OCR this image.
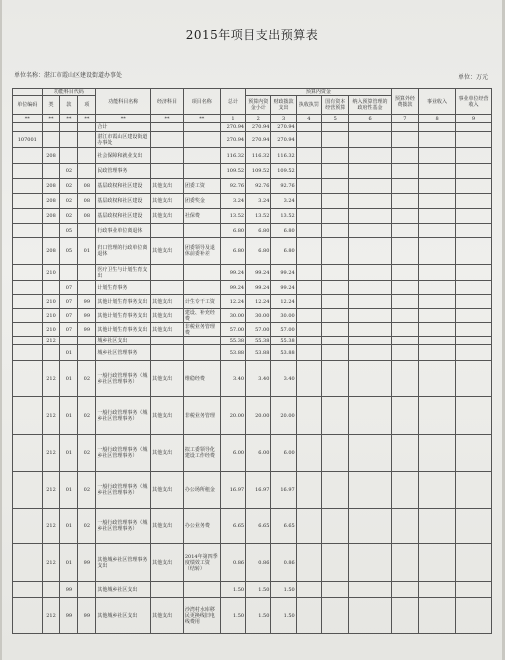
2015年项目支出预算表
单位名称：湛江市霞山区建设街道办事处	单位：万元
	功能科目代码			功能科目名称	经济科目	项目名称	总计	预算内资金					预算外经费拨款	事业收入	事业单位经营收入
单位编码	类	款	项					预算内资金小计	财政拨款支出	执收执罚	国有资本经营预算	纳入预算管理的政府性基金			
**	**	**	**	**	**	**	1	2	3	4	5	6	7	8	9
				合计			270.94	270.94	270.94						
107001				湛江市霞山区建设街道办事处			270.94	270.94	270.94						
	208			社会保障和就业支出			116.32	116.32	116.32						
		02		民政管理事务			109.52	109.52	109.52						
	208	02	08	基层政权和社区建设	其他支出	团委工资	92.76	92.76	92.76						
	208	02	08	基层政权和社区建设	其他支出	团委奖金	3.24	3.24	3.24						
	208	02	08	基层政权和社区建设	其他支出	社保费	13.52	13.52	13.52						
		05		行政事业单位离退休			6.80	6.80	6.80						
	208	05	01	归口管理的行政单位离退休	其他支出	团委领导及退休前委补差	6.80	6.80	6.80						
	210			医疗卫生与计划生育支出			99.24	99.24	99.24						
		07		计划生育事务			99.24	99.24	99.24						
	210	07	99	其他计划生育事务支出	其他支出	计生专干工资	12.24	12.24	12.24						
	210	07	99	其他计划生育事务支出	其他支出	建设、补充经费	30.00	30.00	30.00						
	210	07	99	其他计划生育事务支出	其他支出	非税业务管理费	57.00	57.00	57.00						
	212			城乡社区支出			55.38	55.38	55.38						
		01		城乡社区管理事务			53.88	53.88	53.88						
	212	01	02	一般行政管理事务（城乡社区管理事务）	其他支出	维稳经费	3.40	3.40	3.40						
	212	01	02	一般行政管理事务（城乡社区管理事务）	其他支出	非税业务管理	20.00	20.00	20.00						
	212	01	02	一般行政管理事务（城乡社区管理事务）	其他支出	拟工委领导化建设工作经费	6.00	6.00	6.00						
	212	01	02	一般行政管理事务（城乡社区管理事务）	其他支出	办公场所租金	16.97	16.97	16.97						
	212	01	02	一般行政管理事务（城乡社区管理事务）	其他支出	办公业务费	6.65	6.65	6.65						
	212	01	99	其他城乡社区管理事务支出	其他支出	2014年第四季度绩效工资（结转）	0.86	0.86	0.86						
		99		其他城乡社区支出			1.50	1.50	1.50						
	212	99	99	其他城乡社区支出	其他支出	沙湾村水库移民更换线旧电线费用	1.50	1.50	1.50						
